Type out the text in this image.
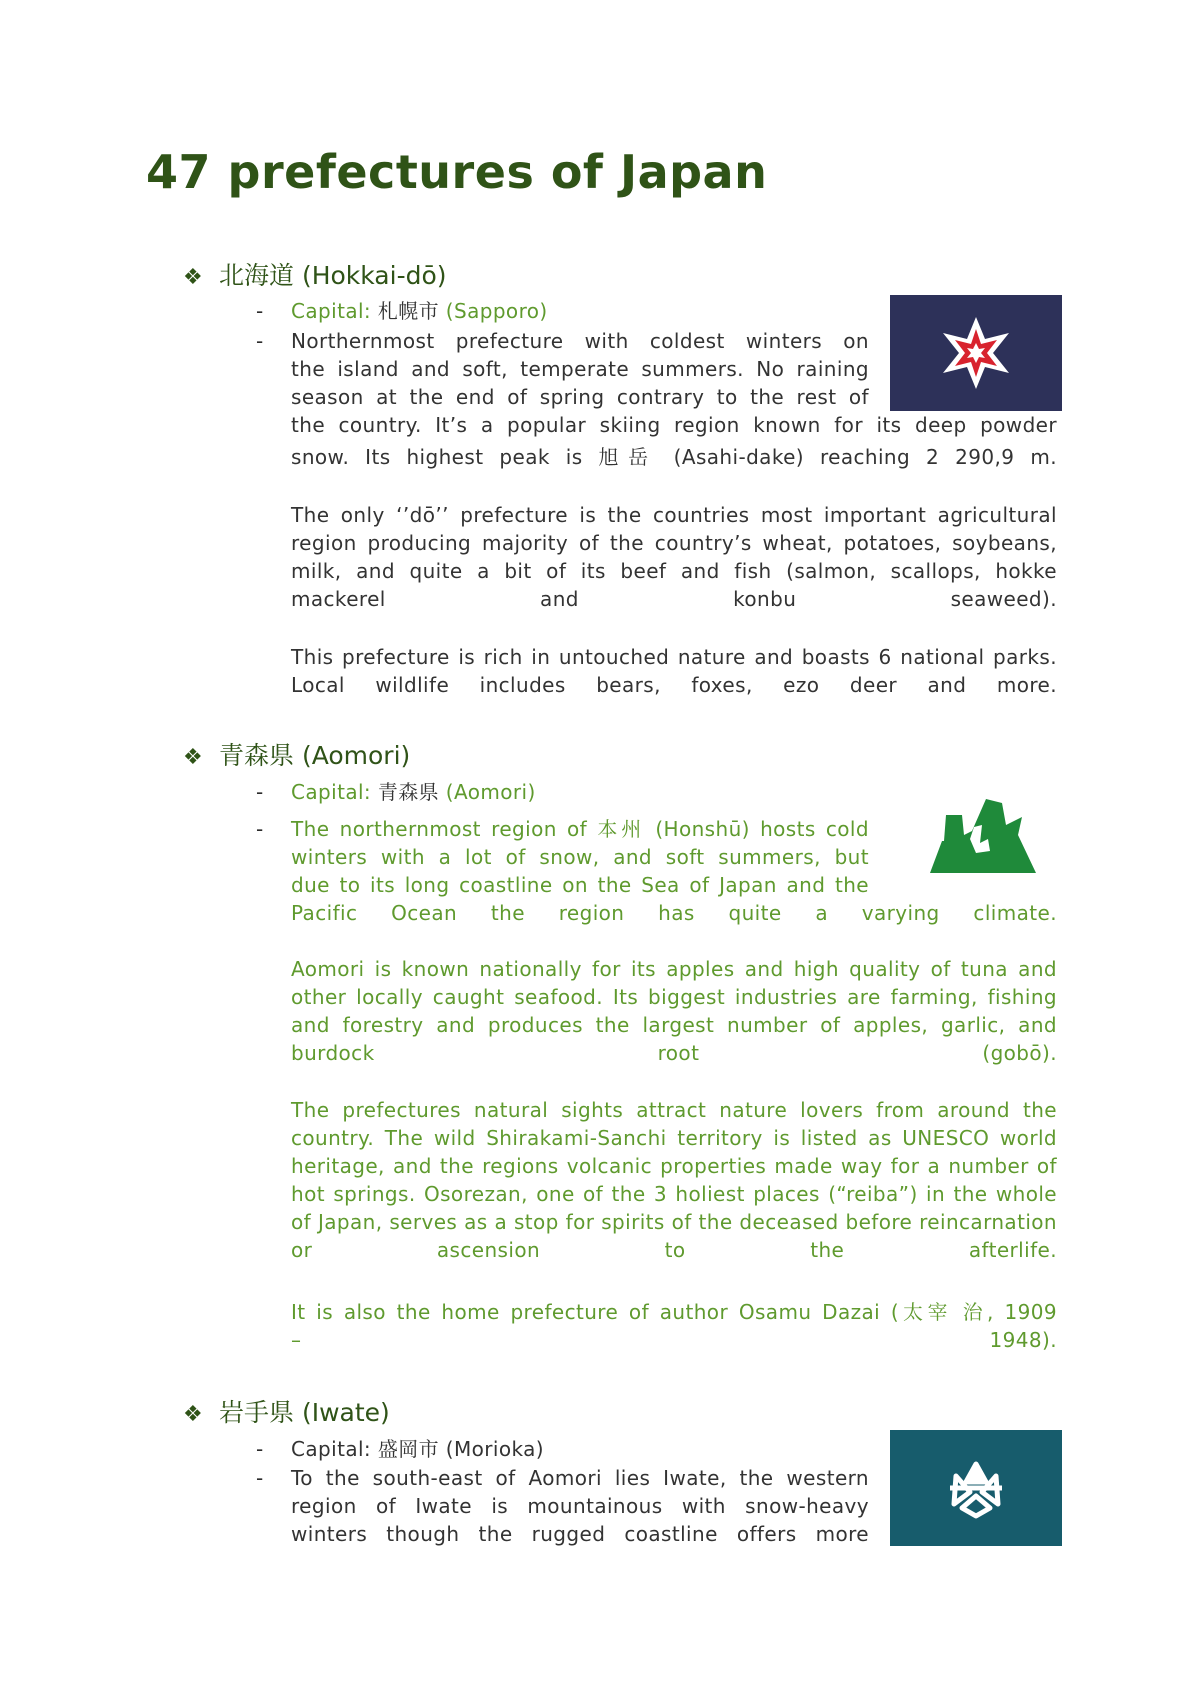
47 prefectures of Japan
❖ 北海道 (Hokkai-dō)
- Capital: 札幌市 (Sapporo)
- Northernmost prefecture with coldest winters on
the island and soft, temperate summers. No raining
season at the end of spring contrary to the rest of
the country. It’s a popular skiing region known for its deep powder
snow. Its highest peak is 旭岳 (Asahi-dake) reaching 2 290,9 m.
The only ‘’dō’’ prefecture is the countries most important agricultural region producing majority of the country’s wheat, potatoes, soybeans, milk, and quite a bit of its beef and fish (salmon, scallops, hokke mackerel and konbu seaweed).
This prefecture is rich in untouched nature and boasts 6 national parks. Local wildlife includes bears, foxes, ezo deer and more.
❖ 青森県 (Aomori)
- Capital: 青森県 (Aomori)
- The northernmost region of 本州 (Honshū) hosts cold
winters with a lot of snow, and soft summers, but
due to its long coastline on the Sea of Japan and the
Pacific Ocean the region has quite a varying climate.
Aomori is known nationally for its apples and high quality of tuna and other locally caught seafood. Its biggest industries are farming, fishing and forestry and produces the largest number of apples, garlic, and burdock root (gobō).
The prefectures natural sights attract nature lovers from around the country. The wild Shirakami-Sanchi territory is listed as UNESCO world heritage, and the regions volcanic properties made way for a number of hot springs. Osorezan, one of the 3 holiest places (“reiba”) in the whole of Japan, serves as a stop for spirits of the deceased before reincarnation or ascension to the afterlife.
It is also the home prefecture of author Osamu Dazai (太宰 治, 1909
–	1948).
❖ 岩手県 (Iwate)
- Capital: 盛岡市 (Morioka)
- To the south-east of Aomori lies Iwate, the western
region of Iwate is mountainous with snow-heavy
winters though the rugged coastline offers more
